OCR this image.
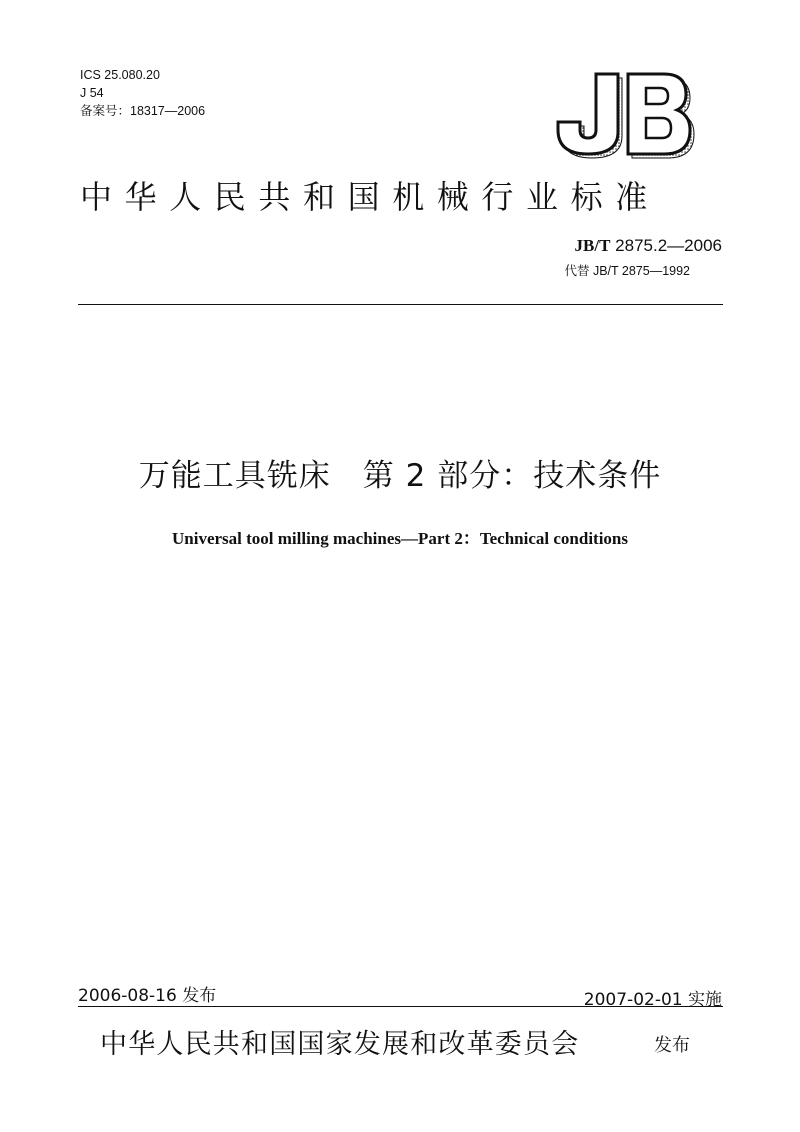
ICS 25.080.20
J 54
备案号：18317—2006
JB
中华人民共和国机械行业标准
JB/T 2875.2—2006
代替 JB/T 2875—1992
万能工具铣床　第 2 部分：技术条件
Universal tool milling machines—Part 2：Technical conditions
2006-08-16 发布	2007-02-01 实施
中华人民共和国国家发展和改革委员会	发布
